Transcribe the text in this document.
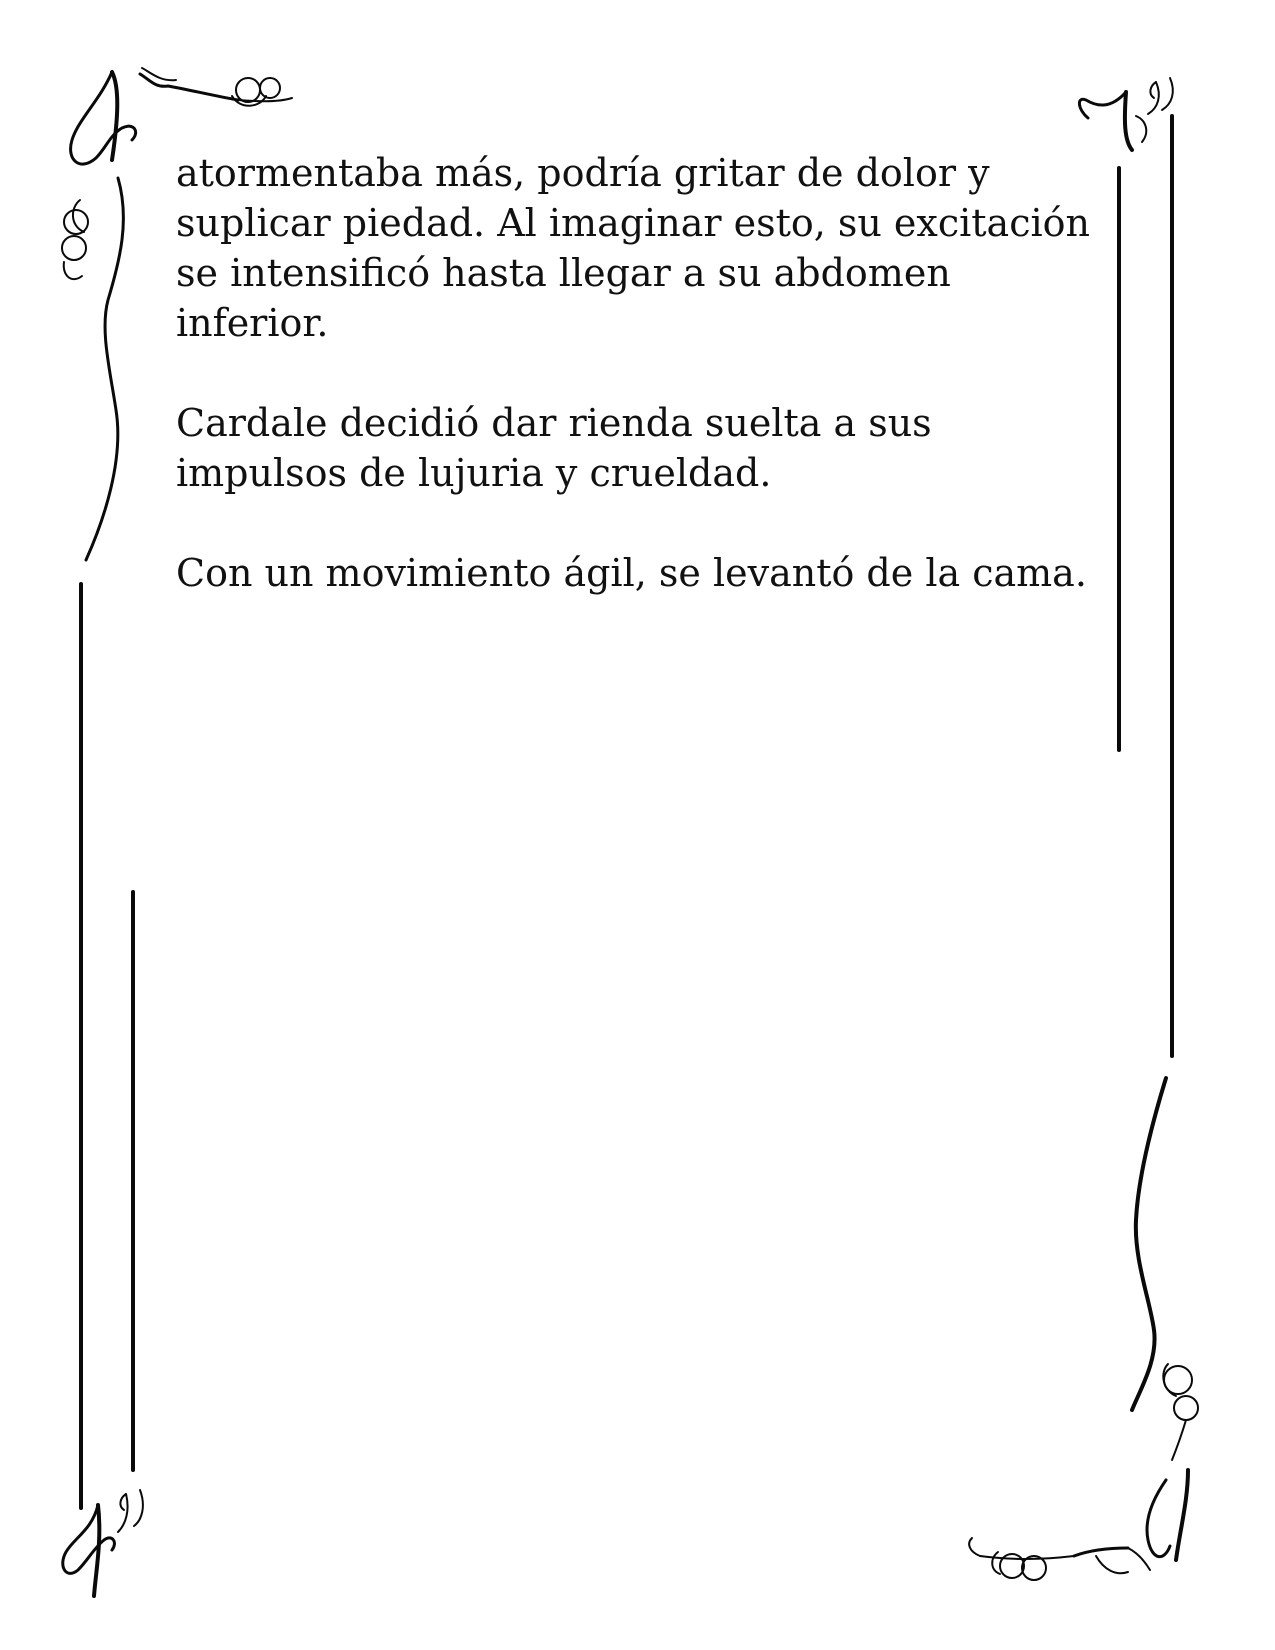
atormentaba más, podría gritar de dolor y suplicar piedad. Al imaginar esto, su excitación se intensificó hasta llegar a su abdomen inferior.

Cardale decidió dar rienda suelta a sus impulsos de lujuria y crueldad.

Con un movimiento ágil, se levantó de la cama.
